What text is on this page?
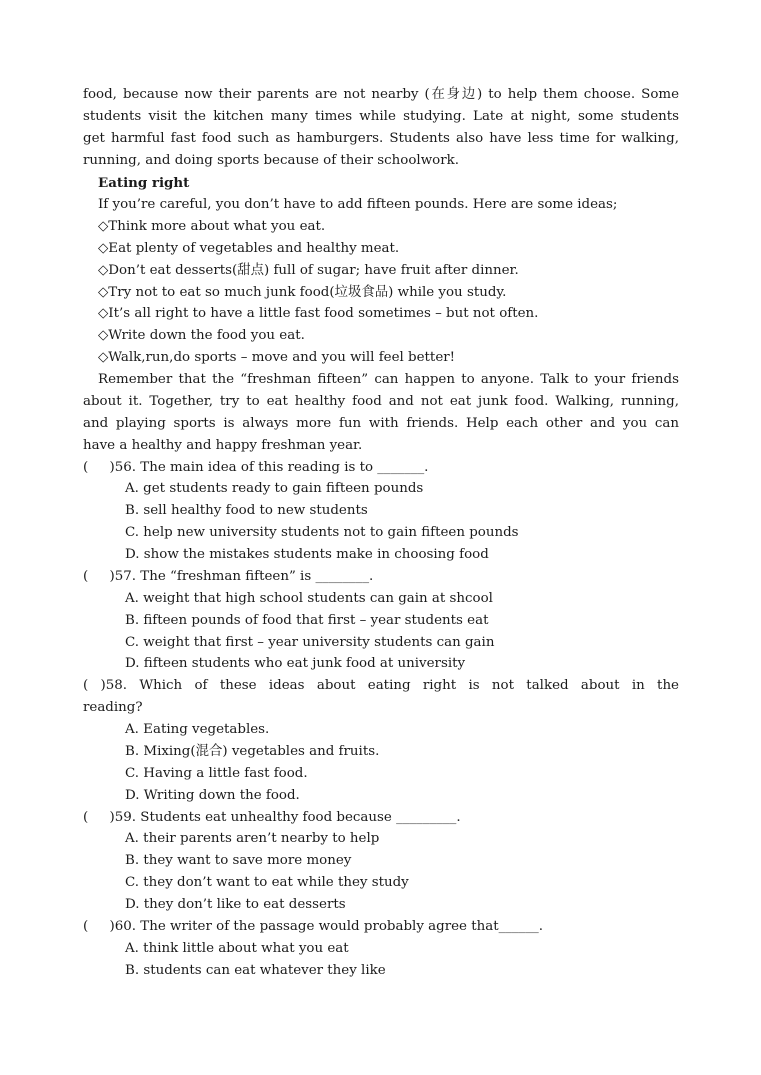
food, because now their parents are not nearby (在身边) to help them choose. Some
students visit the kitchen many times while studying. Late at night, some students
get harmful fast food such as hamburgers. Students also have less time for walking,
running, and doing sports because of their schoolwork.
Eating right
If you’re careful, you don’t have to add fifteen pounds. Here are some ideas;
◇Think more about what you eat.
◇Eat plenty of vegetables and healthy meat.
◇Don’t eat desserts(甜点) full of sugar; have fruit after dinner.
◇Try not to eat so much junk food(垃圾食品) while you study.
◇It’s all right to have a little fast food sometimes – but not often.
◇Write down the food you eat.
◇Walk,run,do sports – move and you will feel better!
Remember that the “freshman fifteen” can happen to anyone. Talk to your friends
about it. Together, try to eat healthy food and not eat junk food. Walking, running,
and playing sports is always more fun with friends. Help each other and you can
have a healthy and happy freshman year.
(     )56. The main idea of this reading is to _______.
A. get students ready to gain fifteen pounds
B. sell healthy food to new students
C. help new university students not to gain fifteen pounds
D. show the mistakes students make in choosing food
(     )57. The “freshman fifteen” is ________.
A. weight that high school students can gain at shcool
B. fifteen pounds of food that first – year students eat
C. weight that first – year university students can gain
D. fifteen students who eat junk food at university
( )58. Which of these ideas about eating right is not talked about in the
reading?
A. Eating vegetables.
B. Mixing(混合) vegetables and fruits.
C. Having a little fast food.
D. Writing down the food.
(     )59. Students eat unhealthy food because _________.
A. their parents aren’t nearby to help
B. they want to save more money
C. they don’t want to eat while they study
D. they don’t like to eat desserts
(     )60. The writer of the passage would probably agree that______.
A. think little about what you eat
B. students can eat whatever they like
